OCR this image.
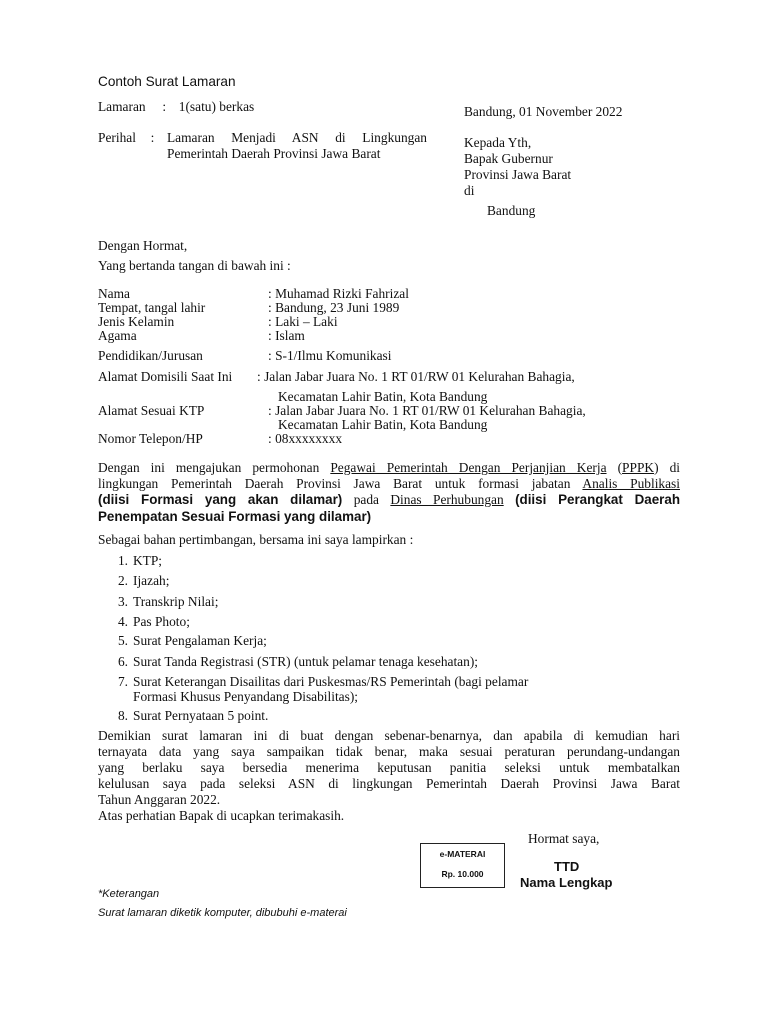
Contoh Surat Lamaran
Lamaran : 1(satu) berkas
Perihal : Lamaran Menjadi ASN di Lingkungan
Pemerintah Daerah Provinsi Jawa Barat
Bandung, 01 November 2022
Kepada Yth,
Bapak Gubernur
Provinsi Jawa Barat
di
Bandung
Dengan Hormat,
Yang bertanda tangan di bawah ini :
Nama	: Muhamad Rizki Fahrizal
Tempat, tangal lahir	: Bandung, 23 Juni 1989
Jenis Kelamin	: Laki – Laki
Agama	: Islam
Pendidikan/Jurusan	: S-1/Ilmu Komunikasi
Alamat Domisili Saat Ini : Jalan Jabar Juara No. 1 RT 01/RW 01 Kelurahan Bahagia,
Kecamatan Lahir Batin, Kota Bandung
Alamat Sesuai KTP	: Jalan Jabar Juara No. 1 RT 01/RW 01 Kelurahan Bahagia,
Kecamatan Lahir Batin, Kota Bandung
Nomor Telepon/HP	: 08xxxxxxxx
Dengan ini mengajukan permohonan Pegawai Pemerintah Dengan Perjanjian Kerja (PPPK) di
lingkungan Pemerintah Daerah Provinsi Jawa Barat untuk formasi jabatan Analis Publikasi
(diisi Formasi yang akan dilamar) pada Dinas Perhubungan (diisi Perangkat Daerah
Penempatan Sesuai Formasi yang dilamar)
Sebagai bahan pertimbangan, bersama ini saya lampirkan :
1. KTP;
2. Ijazah;
3. Transkrip Nilai;
4. Pas Photo;
5. Surat Pengalaman Kerja;
6. Surat Tanda Registrasi (STR) (untuk pelamar tenaga kesehatan);
7. Surat Keterangan Disailitas dari Puskesmas/RS Pemerintah (bagi pelamar
Formasi Khusus Penyandang Disabilitas);
8. Surat Pernyataan 5 point.
Demikian surat lamaran ini di buat dengan sebenar-benarnya, dan apabila di kemudian hari
ternayata data yang saya sampaikan tidak benar, maka sesuai peraturan perundang-undangan
yang berlaku saya bersedia menerima keputusan panitia seleksi untuk membatalkan
kelulusan saya pada seleksi ASN di lingkungan Pemerintah Daerah Provinsi Jawa Barat
Tahun Anggaran 2022.
Atas perhatian Bapak di ucapkan terimakasih.
Hormat saya,
e-MATERAI
Rp. 10.000	TTD
Nama Lengkap
*Keterangan
Surat lamaran diketik komputer, dibubuhi e-materai
